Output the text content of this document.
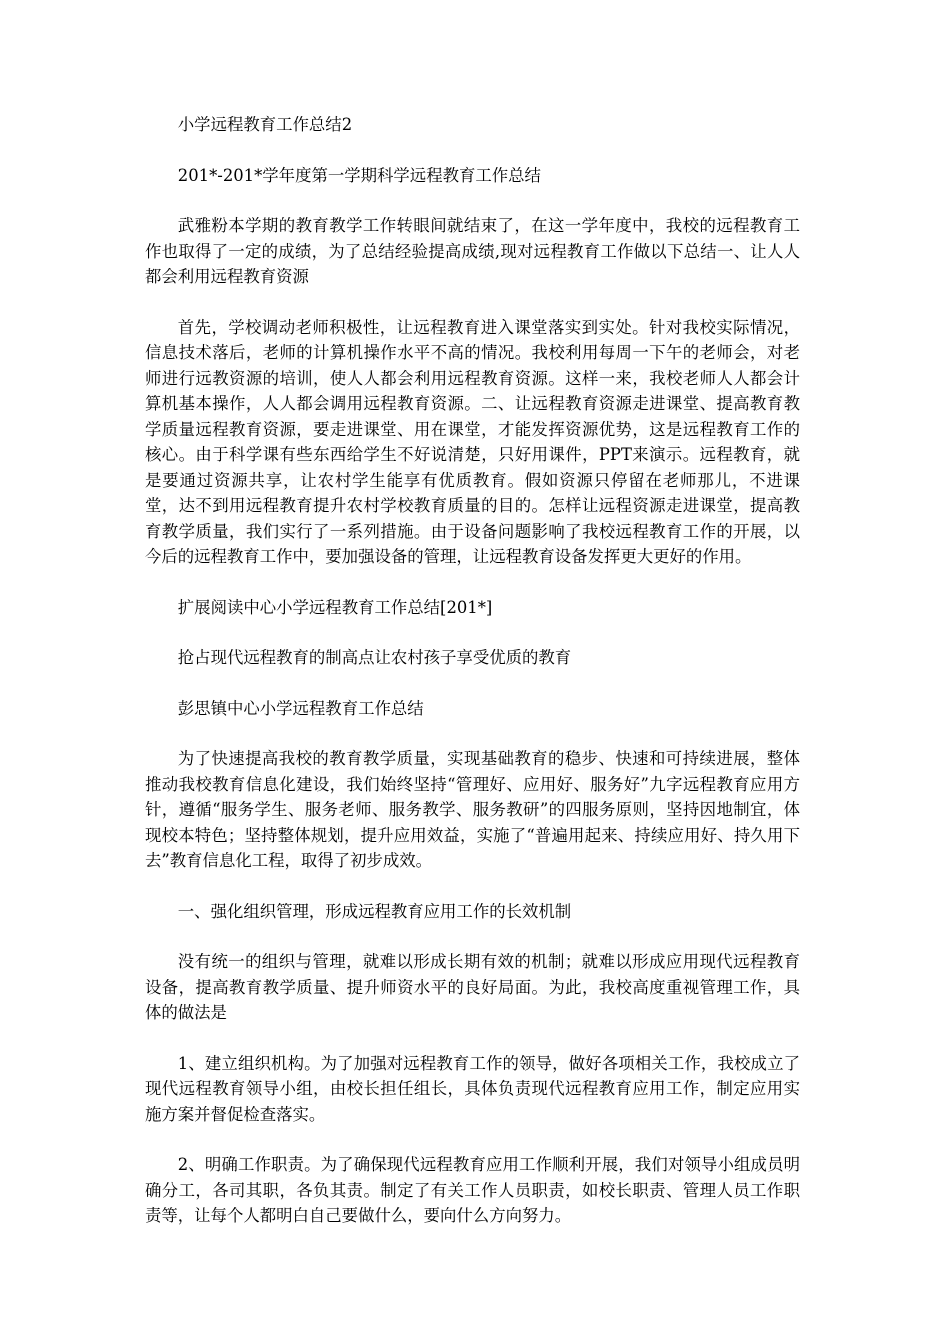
小学远程教育工作总结2

201*-201*学年度第一学期科学远程教育工作总结

武雅粉本学期的教育教学工作转眼间就结束了，在这一学年度中，我校的远程教育工作也取得了一定的成绩，为了总结经验提高成绩,现对远程教育工作做以下总结一、让人人都会利用远程教育资源

首先，学校调动老师积极性，让远程教育进入课堂落实到实处。针对我校实际情况，信息技术落后，老师的计算机操作水平不高的情况。我校利用每周一下午的老师会，对老师进行远教资源的培训，使人人都会利用远程教育资源。这样一来，我校老师人人都会计算机基本操作，人人都会调用远程教育资源。二、让远程教育资源走进课堂、提高教育教学质量远程教育资源，要走进课堂、用在课堂，才能发挥资源优势，这是远程教育工作的核心。由于科学课有些东西给学生不好说清楚，只好用课件，PPT来演示。远程教育，就是要通过资源共享，让农村学生能享有优质教育。假如资源只停留在老师那儿，不进课堂，达不到用远程教育提升农村学校教育质量的目的。怎样让远程资源走进课堂，提高教育教学质量，我们实行了一系列措施。由于设备问题影响了我校远程教育工作的开展，以今后的远程教育工作中，要加强设备的管理，让远程教育设备发挥更大更好的作用。

扩展阅读中心小学远程教育工作总结[201*]

抢占现代远程教育的制高点让农村孩子享受优质的教育

彭思镇中心小学远程教育工作总结

为了快速提高我校的教育教学质量，实现基础教育的稳步、快速和可持续进展，整体推动我校教育信息化建设，我们始终坚持“管理好、应用好、服务好”九字远程教育应用方针，遵循“服务学生、服务老师、服务教学、服务教研”的四服务原则，坚持因地制宜，体现校本特色；坚持整体规划，提升应用效益，实施了“普遍用起来、持续应用好、持久用下去”教育信息化工程，取得了初步成效。

一、强化组织管理，形成远程教育应用工作的长效机制

没有统一的组织与管理，就难以形成长期有效的机制；就难以形成应用现代远程教育设备，提高教育教学质量、提升师资水平的良好局面。为此，我校高度重视管理工作，具体的做法是

1、建立组织机构。为了加强对远程教育工作的领导，做好各项相关工作，我校成立了现代远程教育领导小组，由校长担任组长，具体负责现代远程教育应用工作，制定应用实施方案并督促检查落实。

2、明确工作职责。为了确保现代远程教育应用工作顺利开展，我们对领导小组成员明确分工，各司其职，各负其责。制定了有关工作人员职责，如校长职责、管理人员工作职责等，让每个人都明白自己要做什么，要向什么方向努力。
